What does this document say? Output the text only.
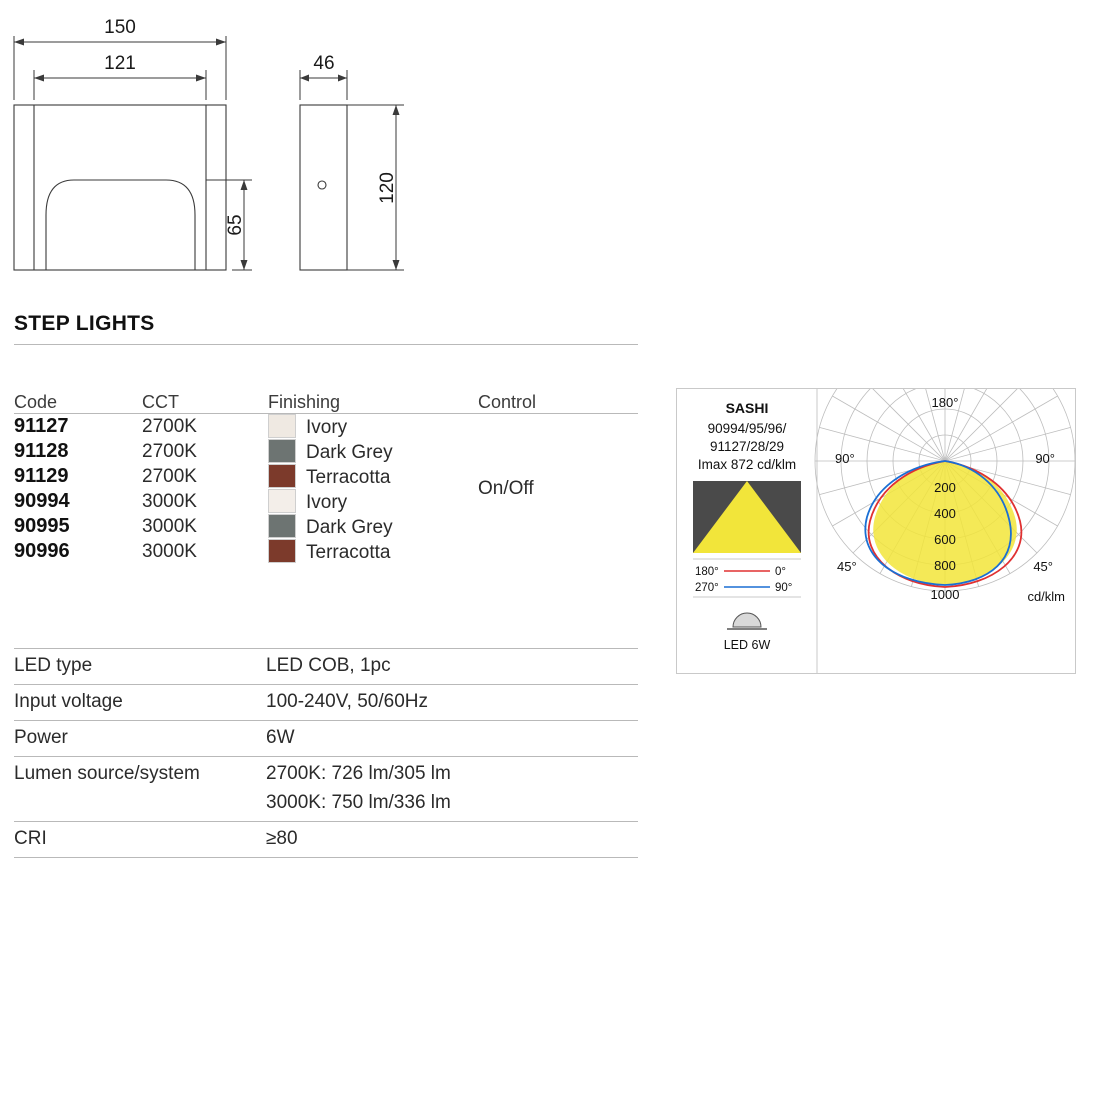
150
121	46
65
120
STEP LIGHTS
Code	CCT	Finishing	Control

91127	2700K	Ivory	On/Off
91128	2700K	Dark Grey	
91129	2700K	Terracotta	
90994	3000K	Ivory	
90995	3000K	Dark Grey	
90996	3000K	Terracotta	
LED type	LED COB, 1pc
Input voltage	100-240V, 50/60Hz
Power	6W
Lumen source/system	2700K: 726 lm/305 lm
	3000K: 750 lm/336 lm
CRI	≥80
SASHI
90994/95/96/
91127/28/29
Imax 872 cd/klm
180°	0°
270°	90°
LED 6W
200
400
600
800
1000
180°
90°	90°
45°	45°
cd/klm
